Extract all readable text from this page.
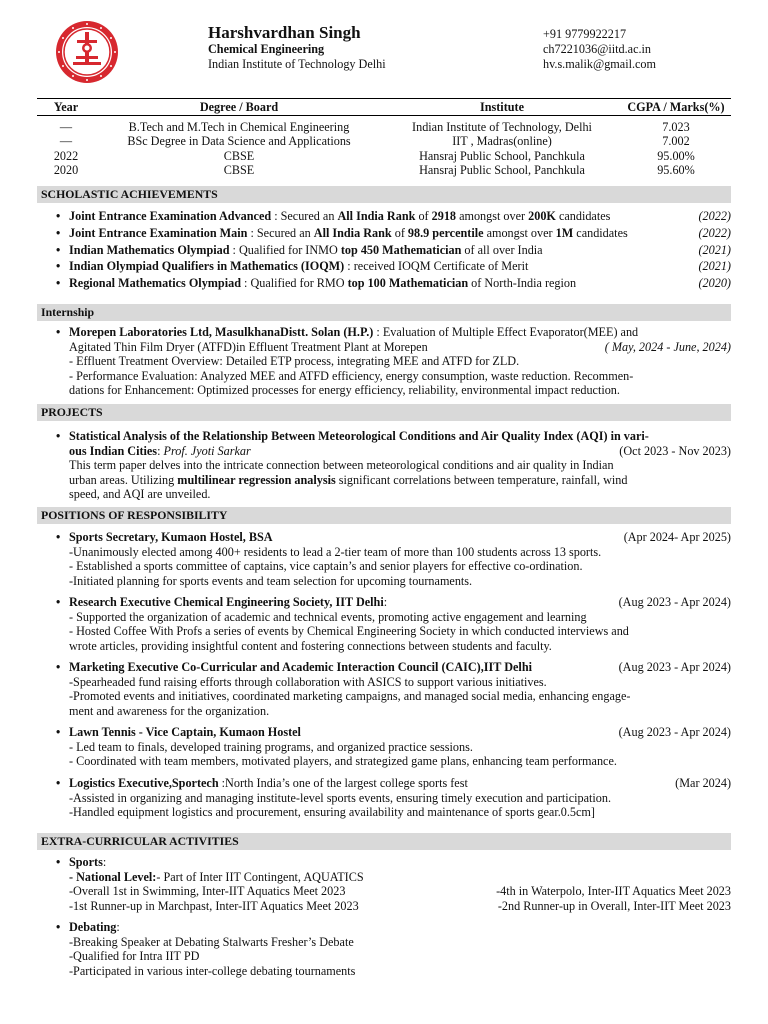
Harshvardhan Singh
Chemical Engineering
Indian Institute of Technology Delhi
+91 9779922217
ch7221036@iitd.ac.in
hv.s.malik@gmail.com
Year	Degree / Board	Institute	CGPA / Marks(%)
—	B.Tech and M.Tech in Chemical Engineering	Indian Institute of Technology, Delhi	7.023
—	BSc Degree in Data Science and Applications	IIT , Madras(online)	7.002
2022	CBSE	Hansraj Public School, Panchkula	95.00%
2020	CBSE	Hansraj Public School, Panchkula	95.60%
SCHOLASTIC ACHIEVEMENTS
• Joint Entrance Examination Advanced : Secured an All India Rank of 2918 amongst over 200K candidates	(2022)
• Joint Entrance Examination Main : Secured an All India Rank of 98.9 percentile amongst over 1M candidates	(2022)
• Indian Mathematics Olympiad : Qualified for INMO top 450 Mathematician of all over India	(2021)
• Indian Olympiad Qualifiers in Mathematics (IOQM) : received IOQM Certificate of Merit	(2021)
• Regional Mathematics Olympiad : Qualified for RMO top 100 Mathematician of North-India region	(2020)
Internship
• Morepen Laboratories Ltd, MasulkhanaDistt. Solan (H.P.) : Evaluation of Multiple Effect Evaporator(MEE) and
Agitated Thin Film Dryer (ATFD)in Effluent Treatment Plant at Morepen	( May, 2024 - June, 2024)
- Effluent Treatment Overview: Detailed ETP process, integrating MEE and ATFD for ZLD.
- Performance Evaluation: Analyzed MEE and ATFD efficiency, energy consumption, waste reduction. Recommen-
dations for Enhancement: Optimized processes for energy efficiency, reliability, environmental impact reduction.
PROJECTS
• Statistical Analysis of the Relationship Between Meteorological Conditions and Air Quality Index (AQI) in vari-
ous Indian Cities: Prof. Jyoti Sarkar	(Oct 2023 - Nov 2023)
This term paper delves into the intricate connection between meteorological conditions and air quality in Indian
urban areas. Utilizing multilinear regression analysis significant correlations between temperature, rainfall, wind
speed, and AQI are unveiled.
POSITIONS OF RESPONSIBILITY
• Sports Secretary, Kumaon Hostel, BSA	(Apr 2024- Apr 2025)
-Unanimously elected among 400+ residents to lead a 2-tier team of more than 100 students across 13 sports.
- Established a sports committee of captains, vice captain’s and senior players for effective co-ordination.
-Initiated planning for sports events and team selection for upcoming tournaments.
• Research Executive Chemical Engineering Society, IIT Delhi:	(Aug 2023 - Apr 2024)
- Supported the organization of academic and technical events, promoting active engagement and learning
- Hosted Coffee With Profs a series of events by Chemical Engineering Society in which conducted interviews and
wrote articles, providing insightful content and fostering connections between students and faculty.
• Marketing Executive Co-Curricular and Academic Interaction Council (CAIC),IIT Delhi	(Aug 2023 - Apr 2024)
-Spearheaded fund raising efforts through collaboration with ASICS to support various initiatives.
-Promoted events and initiatives, coordinated marketing campaigns, and managed social media, enhancing engage-
ment and awareness for the organization.
• Lawn Tennis - Vice Captain, Kumaon Hostel	(Aug 2023 - Apr 2024)
- Led team to finals, developed training programs, and organized practice sessions.
- Coordinated with team members, motivated players, and strategized game plans, enhancing team performance.
• Logistics Executive,Sportech :North India’s one of the largest college sports fest	(Mar 2024)
-Assisted in organizing and managing institute-level sports events, ensuring timely execution and participation.
-Handled equipment logistics and procurement, ensuring availability and maintenance of sports gear.0.5cm]
EXTRA-CURRICULAR ACTIVITIES
• Sports:
- National Level:- Part of Inter IIT Contingent, AQUATICS
-Overall 1st in Swimming, Inter-IIT Aquatics Meet 2023	-4th in Waterpolo, Inter-IIT Aquatics Meet 2023
-1st Runner-up in Marchpast, Inter-IIT Aquatics Meet 2023	-2nd Runner-up in Overall, Inter-IIT Meet 2023
• Debating:
-Breaking Speaker at Debating Stalwarts Fresher’s Debate
-Qualified for Intra IIT PD
-Participated in various inter-college debating tournaments
